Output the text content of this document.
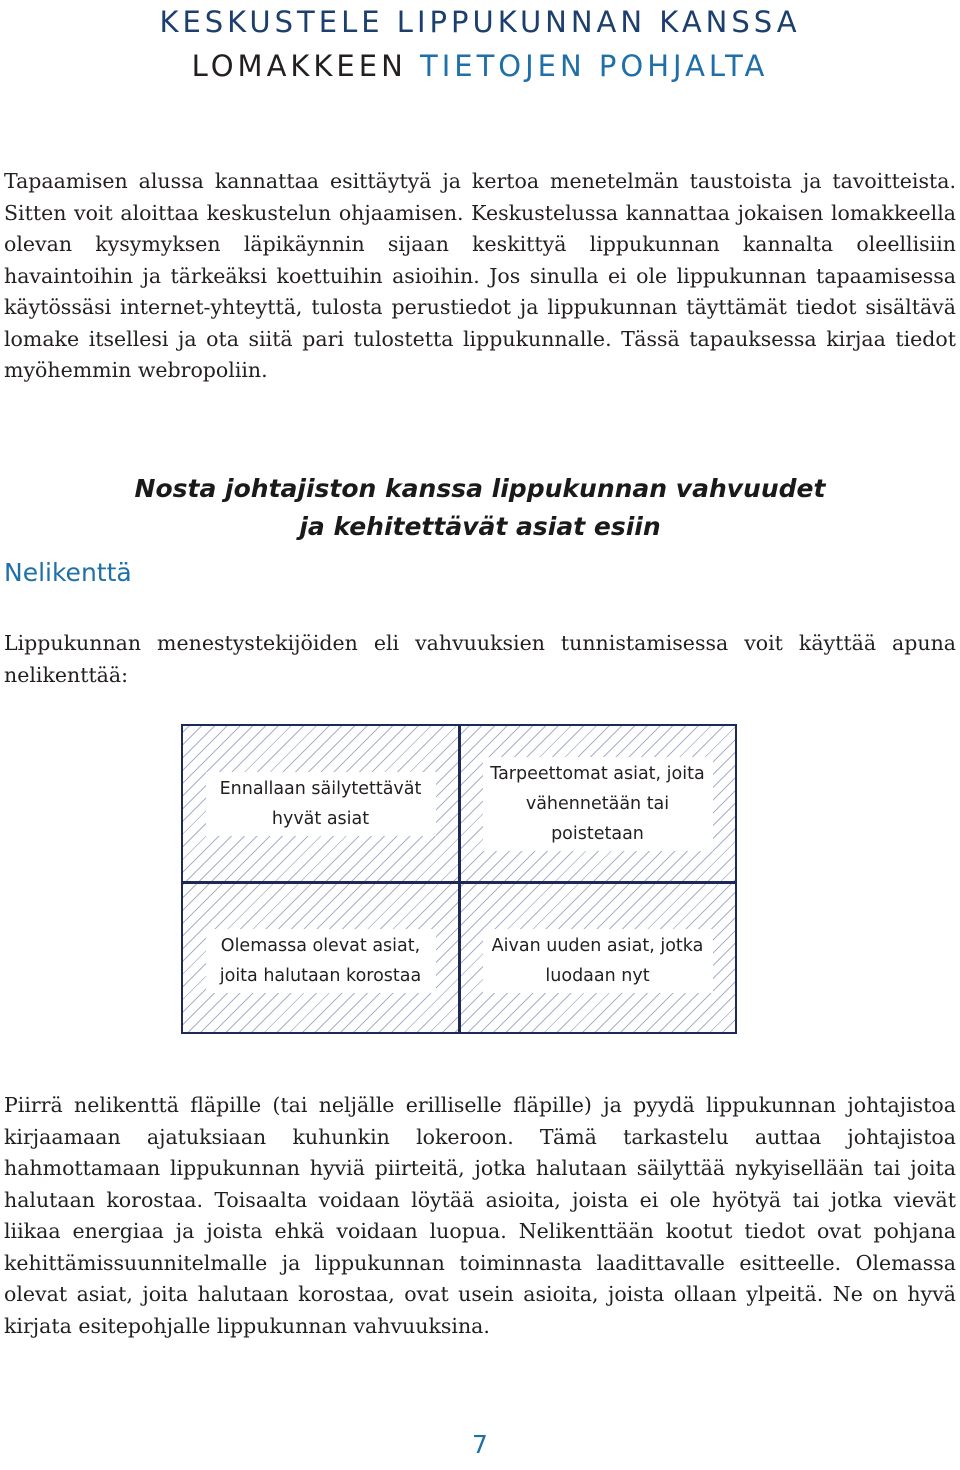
KESKUSTELE LIPPUKUNNAN KANSSA
LOMAKKEEN TIETOJEN POHJALTA

Tapaamisen alussa kannattaa esittäytyä ja kertoa menetelmän taustoista ja tavoitteista. Sitten voit aloittaa keskustelun ohjaamisen. Keskustelussa kannattaa jokaisen lomakkeella olevan kysymyksen läpikäynnin sijaan keskittyä lippukunnan kannalta oleellisiin havaintoihin ja tärkeäksi koettuihin asioihin. Jos sinulla ei ole lippukunnan tapaamisessa käytössäsi internet-yhteyttä, tulosta perustiedot ja lippukunnan täyttämät tiedot sisältävä lomake itsellesi ja ota siitä pari tulostetta lippukunnalle. Tässä tapauksessa kirjaa tiedot myöhemmin webropoliin.

Nosta johtajiston kanssa lippukunnan vahvuudet
ja kehitettävät asiat esiin
Nelikenttä

Lippukunnan menestystekijöiden eli vahvuuksien tunnistamisessa voit käyttää apuna nelikenttää:

Ennallaan säilytettävät hyvät asiat
Tarpeettomat asiat, joita vähennetään tai poistetaan
Olemassa olevat asiat, joita halutaan korostaa
Aivan uuden asiat, jotka luodaan nyt

Piirrä nelikenttä fläpille (tai neljälle erilliselle fläpille) ja pyydä lippukunnan johtajistoa kirjaamaan ajatuksiaan kuhunkin lokeroon. Tämä tarkastelu auttaa johtajistoa hahmottamaan lippukunnan hyviä piirteitä, jotka halutaan säilyttää nykyisellään tai joita halutaan korostaa. Toisaalta voidaan löytää asioita, joista ei ole hyötyä tai jotka vievät liikaa energiaa ja joista ehkä voidaan luopua. Nelikenttään kootut tiedot ovat pohjana kehittämissuunnitelmalle ja lippukunnan toiminnasta laadittavalle esitteelle. Olemassa olevat asiat, joita halutaan korostaa, ovat usein asioita, joista ollaan ylpeitä. Ne on hyvä kirjata esitepohjalle lippukunnan vahvuuksina.

7
